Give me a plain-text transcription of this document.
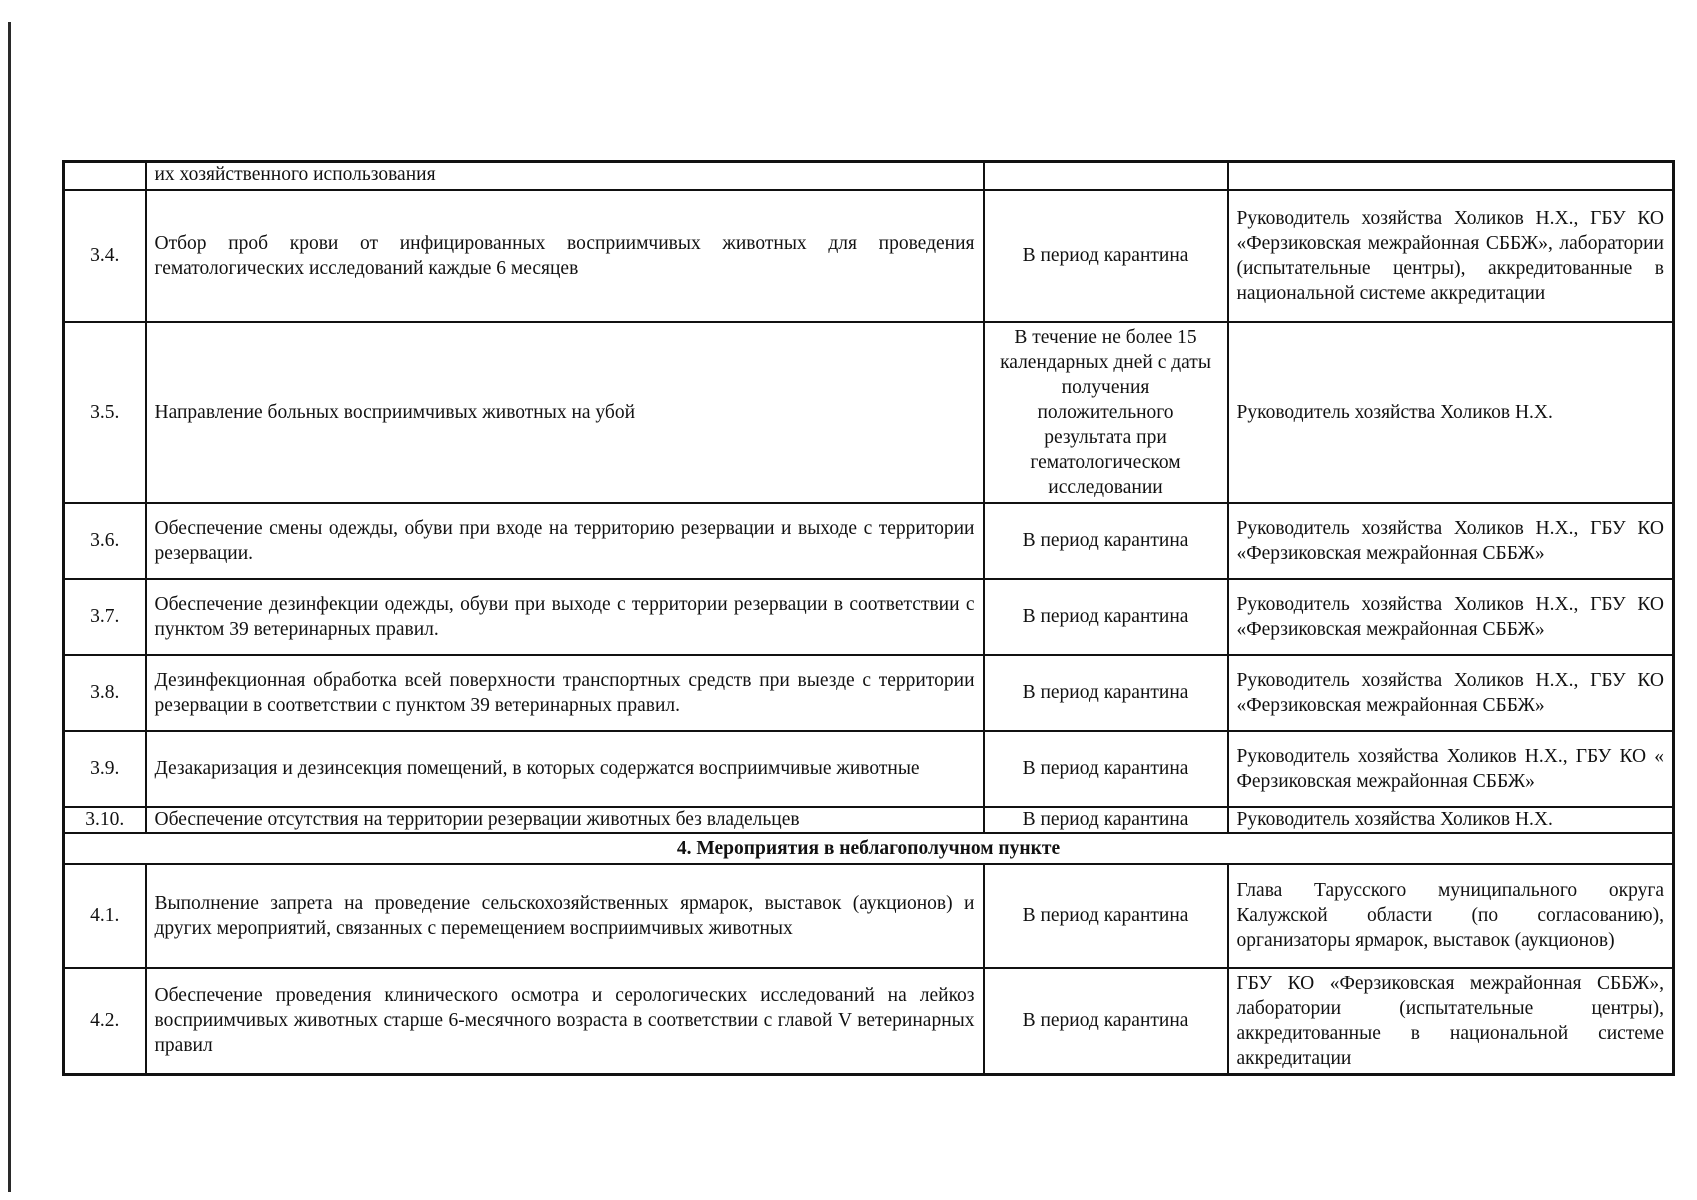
	их хозяйственного использования		
3.4.	Отбор проб крови от инфицированных восприимчивых животных для проведения гематологических исследований каждые 6 месяцев	В период карантина	Руководитель хозяйства Холиков Н.Х., ГБУ КО «Ферзиковская межрайонная СББЖ», лаборатории (испытательные центры), аккредитованные в национальной системе аккредитации
3.5.	Направление больных восприимчивых животных на убой	В течение не более 15 календарных дней с даты получения положительного результата при гематологическом исследовании	Руководитель хозяйства Холиков Н.Х.
3.6.	Обеспечение смены одежды, обуви при входе на территорию резервации и выходе с территории резервации.	В период карантина	Руководитель хозяйства Холиков Н.Х., ГБУ КО «Ферзиковская межрайонная СББЖ»
3.7.	Обеспечение дезинфекции одежды, обуви при выходе с территории резервации в соответствии с пунктом 39 ветеринарных правил.	В период карантина	Руководитель хозяйства Холиков Н.Х., ГБУ КО «Ферзиковская межрайонная СББЖ»
3.8.	Дезинфекционная обработка всей поверхности транспортных средств при выезде с территории резервации в соответствии с пунктом 39 ветеринарных правил.	В период карантина	Руководитель хозяйства Холиков Н.Х., ГБУ КО «Ферзиковская межрайонная СББЖ»
3.9.	Дезакаризация и дезинсекция помещений, в которых содержатся восприимчивые животные	В период карантина	Руководитель хозяйства Холиков Н.Х., ГБУ КО « Ферзиковская межрайонная СББЖ»
3.10.	Обеспечение отсутствия на территории резервации животных без владельцев	В период карантина	Руководитель хозяйства Холиков Н.Х.
4. Мероприятия в неблагополучном пункте			
4.1.	Выполнение запрета на проведение сельскохозяйственных ярмарок, выставок (аукционов) и других мероприятий, связанных с перемещением восприимчивых животных	В период карантина	Глава Тарусского муниципального округа Калужской области (по согласованию), организаторы ярмарок, выставок (аукционов)
4.2.	Обеспечение проведения клинического осмотра и серологических исследований на лейкоз восприимчивых животных старше 6-месячного возраста в соответствии с главой V ветеринарных правил	В период карантина	ГБУ КО «Ферзиковская межрайонная СББЖ», лаборатории (испытательные центры), аккредитованные в национальной системе аккредитации
